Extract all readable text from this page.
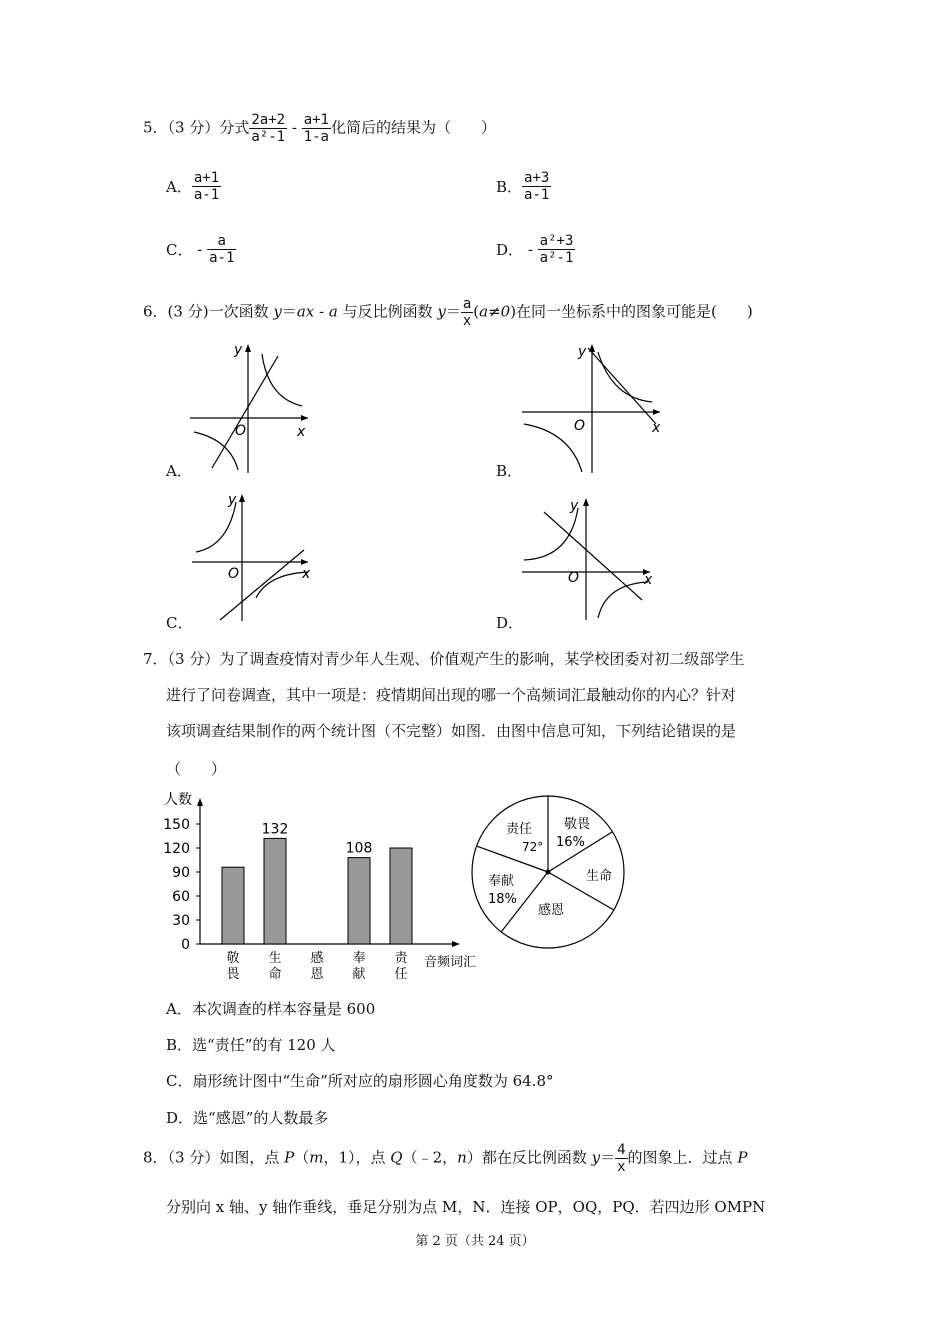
5．（3 分）分式 $\frac{2a+2}{\text{a²-1}} - \frac{a+1}{1-a}$ 化简后的结果为（　　）
A． $\frac{a+1}{a-1}$	B． $\frac{a+3}{a-1}$
C． - $\frac{a}{a-1}$	D． - $\frac{\text{a²+3}}{\text{a²-1}}$
6．(3 分)一次函数 y＝ax - a 与反比例函数 $y= \frac{a}{x} (a\ne 0)$在同一坐标系中的图象可能是(　　)
y
x
O
A．
y
x
O
B．
y
x
O
C．
y
x
O
D．
7．（3 分）为了调查疫情对青少年人生观、价值观产生的影响，某学校团委对初二级部学生
进行了问卷调查，其中一项是：疫情期间出现的哪一个高频词汇最触动你的内心？针对
该项调查结果制作的两个统计图（不完整）如图．由图中信息可知，下列结论错误的是
（　　）
人数
音频词汇
150
120
90
60
30
0
132
108
敬
畏
生
命
感
恩
奉
献
责
任
责任
72°
敬畏
16%
生命
感恩
奉献
18%
A．本次调查的样本容量是 600
B．选“责任”的有 120 人
C．扇形统计图中“生命”所对应的扇形圆心角度数为 64.8°
D．选“感恩”的人数最多
8．（3 分）如图，点 P（m，1），点 Q（﹣2，n）都在反比例函数 $y= \frac{4}{x}$ 的图象上．过点 P
分别向 x 轴、y 轴作垂线，垂足分别为点 M，N．连接 OP，OQ，PQ．若四边形 OMPN
第 2 页（共 24 页）
